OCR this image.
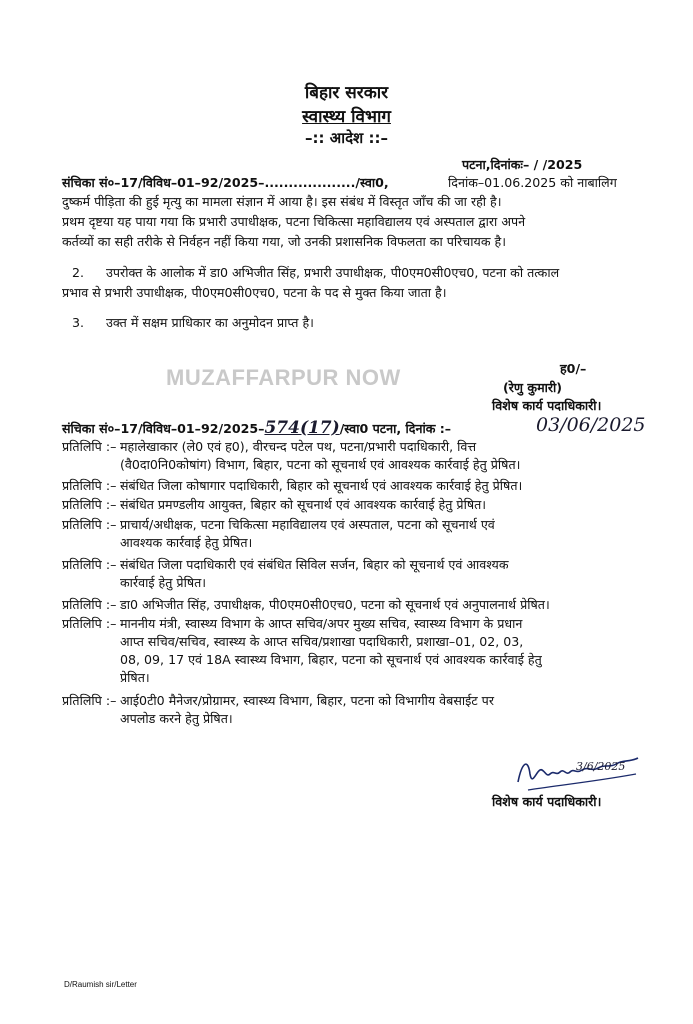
बिहार सरकार
स्वास्थ्य विभाग
–:: आदेश ::–
पटना,दिनांकः– / /2025
संचिका सं०–17/विविध–01–92/2025–.................../स्वा0,	दिनांक–01.06.2025 को नाबालिग
दुष्कर्म पीड़िता की हुई मृत्यु का मामला संज्ञान में आया है। इस संबंध में विस्तृत जाँच की जा रही है।
प्रथम दृष्टया यह पाया गया कि प्रभारी उपाधीक्षक, पटना चिकित्सा महाविद्यालय एवं अस्पताल द्वारा अपने
कर्तव्यों का सही तरीके से निर्वहन नहीं किया गया, जो उनकी प्रशासनिक विफलता का परिचायक है।
2. उपरोक्त के आलोक में डा0 अभिजीत सिंह, प्रभारी उपाधीक्षक, पी0एम0सी0एच0, पटना को तत्काल
प्रभाव से प्रभारी उपाधीक्षक, पी0एम0सी0एच0, पटना के पद से मुक्त किया जाता है।
3. उक्त में सक्षम प्राधिकार का अनुमोदन प्राप्त है।
MUZAFFARPUR NOW	ह0/–
(रेणु कुमारी)
विशेष कार्य पदाधिकारी।
संचिका सं०–17/विविध–01–92/2025–574(17)/स्वा0 पटना, दिनांक :–	03/06/2025
प्रतिलिपि :– महालेखाकार (ले0 एवं ह0), वीरचन्द पटेल पथ, पटना/प्रभारी पदाधिकारी, वित्त
(वै0दा0नि0कोषांग) विभाग, बिहार, पटना को सूचनार्थ एवं आवश्यक कार्रवाई हेतु प्रेषित।
प्रतिलिपि :– संबंधित जिला कोषागार पदाधिकारी, बिहार को सूचनार्थ एवं आवश्यक कार्रवाई हेतु प्रेषित।
प्रतिलिपि :– संबंधित प्रमण्डलीय आयुक्त, बिहार को सूचनार्थ एवं आवश्यक कार्रवाई हेतु प्रेषित।
प्रतिलिपि :– प्राचार्य/अधीक्षक, पटना चिकित्सा महाविद्यालय एवं अस्पताल, पटना को सूचनार्थ एवं
आवश्यक कार्रवाई हेतु प्रेषित।
प्रतिलिपि :– संबंधित जिला पदाधिकारी एवं संबंधित सिविल सर्जन, बिहार को सूचनार्थ एवं आवश्यक
कार्रवाई हेतु प्रेषित।
प्रतिलिपि :– डा0 अभिजीत सिंह, उपाधीक्षक, पी0एम0सी0एच0, पटना को सूचनार्थ एवं अनुपालनार्थ प्रेषित।
प्रतिलिपि :– माननीय मंत्री, स्वास्थ्य विभाग के आप्त सचिव/अपर मुख्य सचिव, स्वास्थ्य विभाग के प्रधान
आप्त सचिव/सचिव, स्वास्थ्य के आप्त सचिव/प्रशाखा पदाधिकारी, प्रशाखा–01, 02, 03,
08, 09, 17 एवं 18A स्वास्थ्य विभाग, बिहार, पटना को सूचनार्थ एवं आवश्यक कार्रवाई हेतु
प्रेषित।
प्रतिलिपि :– आई0टी0 मैनेजर/प्रोग्रामर, स्वास्थ्य विभाग, बिहार, पटना को विभागीय वेबसाईट पर
अपलोड करने हेतु प्रेषित।
3/6/2025
विशेष कार्य पदाधिकारी।
D/Raumish sir/Letter
